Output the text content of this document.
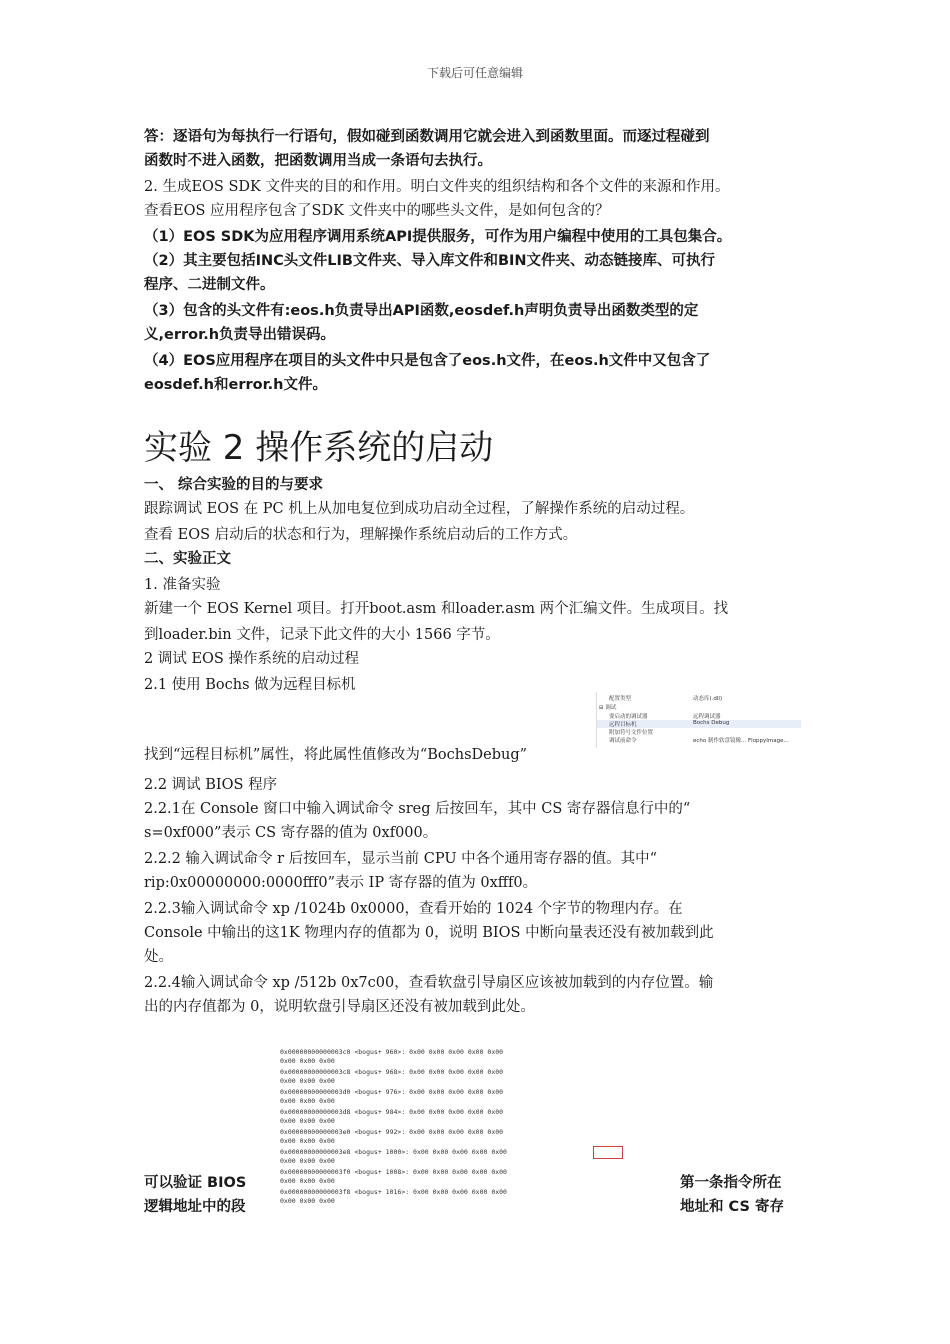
下载后可任意编辑
答：逐语句为每执行一行语句，假如碰到函数调用它就会进入到函数里面。而逐过程碰到
函数时不进入函数，把函数调用当成一条语句去执行。
2. 生成EOS SDK 文件夹的目的和作用。明白文件夹的组织结构和各个文件的来源和作用。
查看EOS 应用程序包含了SDK 文件夹中的哪些头文件，是如何包含的？
（1）EOS SDK为应用程序调用系统API提供服务，可作为用户编程中使用的工具包集合。
（2）其主要包括INC头文件LIB文件夹、导入库文件和BIN文件夹、动态链接库、可执行
程序、二进制文件。
（3）包含的头文件有:eos.h负责导出API函数,eosdef.h声明负责导出函数类型的定
义,error.h负责导出错误码。
（4）EOS应用程序在项目的头文件中只是包含了eos.h文件，在eos.h文件中又包含了
eosdef.h和error.h文件。
实验 2 操作系统的启动
一、 综合实验的目的与要求
跟踪调试 EOS 在 PC 机上从加电复位到成功启动全过程，了解操作系统的启动过程。
查看 EOS 启动后的状态和行为，理解操作系统启动后的工作方式。
二、实验正文
1. 准备实验
新建一个 EOS Kernel 项目。打开boot.asm 和loader.asm 两个汇编文件。生成项目。找
到loader.bin 文件，记录下此文件的大小 1566 字节。
2 调试 EOS 操作系统的启动过程
2.1 使用 Bochs 做为远程目标机
配置类型	动态库(.dll)
⊟ 调试
要启动的调试器	远程调试器
远程目标机	Bochs Debug
附加符号文件位置
调试前命令	echo 制作软盘镜像... FloppyImage...
找到“远程目标机”属性，将此属性值修改为“BochsDebug”
2.2 调试 BIOS 程序
2.2.1在 Console 窗口中输入调试命令 sreg 后按回车，其中 CS 寄存器信息行中的“
s=0xf000”表示 CS 寄存器的值为 0xf000。
2.2.2 输入调试命令 r 后按回车，显示当前 CPU 中各个通用寄存器的值。其中“
rip:0x00000000:0000fff0”表示 IP 寄存器的值为 0xfff0。
2.2.3输入调试命令 xp /1024b 0x0000，查看开始的 1024 个字节的物理内存。在
Console 中输出的这1K 物理内存的值都为 0，说明 BIOS 中断向量表还没有被加载到此
处。
2.2.4输入调试命令 xp /512b 0x7c00，查看软盘引导扇区应该被加载到的内存位置。输
出的内存值都为 0，说明软盘引导扇区还没有被加载到此处。
0x00000000000003c0 <bogus+ 960>: 0x00 0x00 0x00 0x00 0x00
0x00 0x00 0x00
0x00000000000003c8 <bogus+ 968>: 0x00 0x00 0x00 0x00 0x00
0x00 0x00 0x00
0x00000000000003d0 <bogus+ 976>: 0x00 0x00 0x00 0x00 0x00
0x00 0x00 0x00
0x00000000000003d8 <bogus+ 984>: 0x00 0x00 0x00 0x00 0x00
0x00 0x00 0x00
0x00000000000003e0 <bogus+ 992>: 0x00 0x00 0x00 0x00 0x00
0x00 0x00 0x00
0x00000000000003e8 <bogus+ 1000>: 0x00 0x00 0x00 0x00 0x00
0x00 0x00 0x00
0x00000000000003f0 <bogus+ 1008>: 0x00 0x00 0x00 0x00 0x00
0x00 0x00 0x00
0x00000000000003f8 <bogus+ 1016>: 0x00 0x00 0x00 0x00 0x00
0x00 0x00 0x00
可以验证 BIOS
逻辑地址中的段
第一条指令所在
地址和 CS 寄存
